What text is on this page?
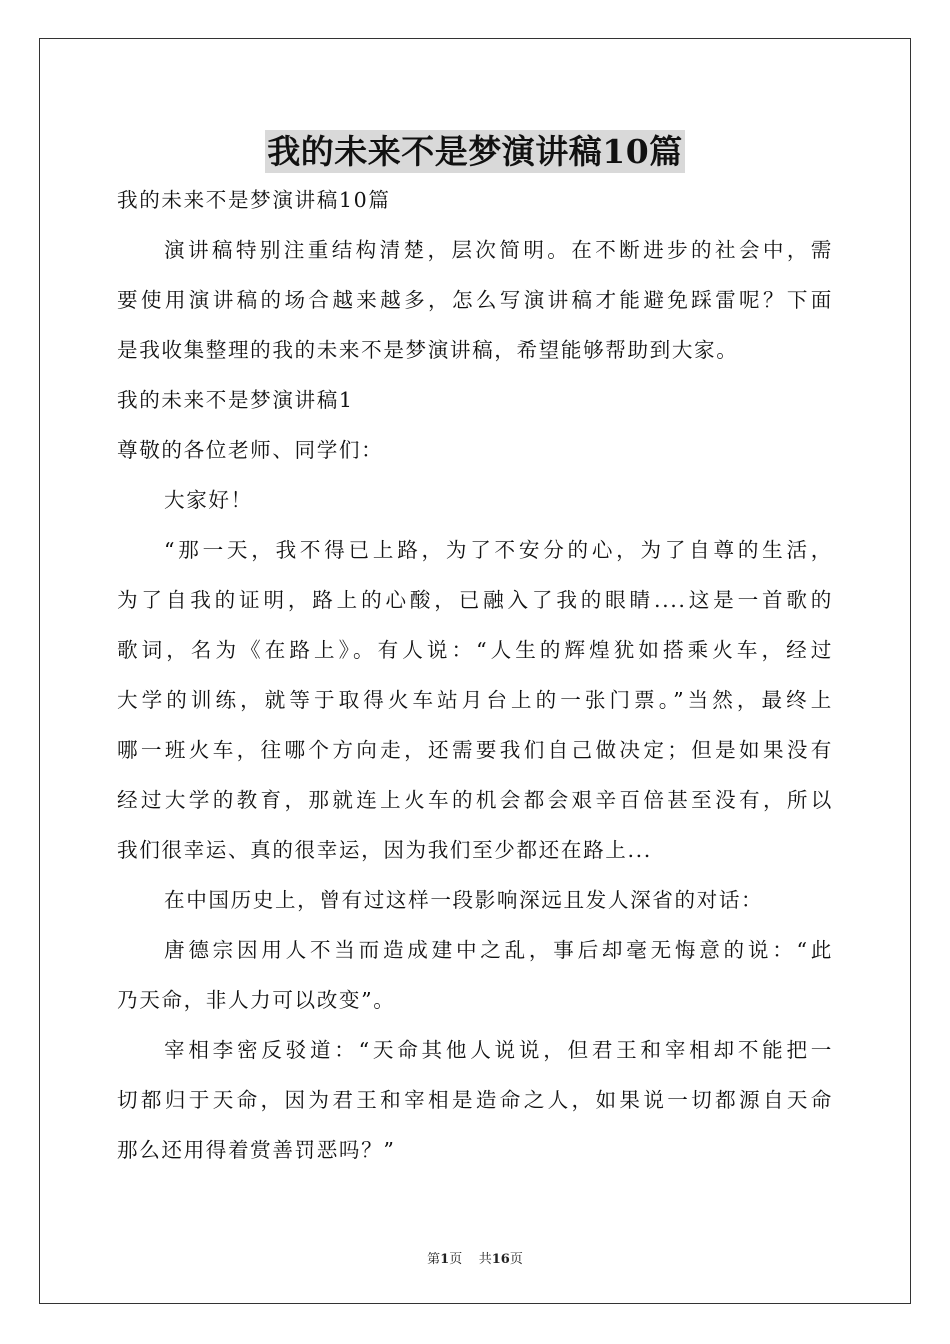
我的未来不是梦演讲稿10篇
我的未来不是梦演讲稿10篇
演讲稿特别注重结构清楚，层次简明。在不断进步的社会中，需
要使用演讲稿的场合越来越多，怎么写演讲稿才能避免踩雷呢？下面
是我收集整理的我的未来不是梦演讲稿，希望能够帮助到大家。
我的未来不是梦演讲稿1
尊敬的各位老师、同学们：
大家好！
“那一天，我不得已上路，为了不安分的心，为了自尊的生活，
为了自我的证明，路上的心酸，已融入了我的眼睛....这是一首歌的
歌词，名为《在路上》。有人说：“人生的辉煌犹如搭乘火车，经过
大学的训练，就等于取得火车站月台上的一张门票。”当然，最终上
哪一班火车，往哪个方向走，还需要我们自己做决定；但是如果没有
经过大学的教育，那就连上火车的机会都会艰辛百倍甚至没有，所以
我们很幸运、真的很幸运，因为我们至少都还在路上...
在中国历史上，曾有过这样一段影响深远且发人深省的对话：
唐德宗因用人不当而造成建中之乱，事后却毫无悔意的说：“此
乃天命，非人力可以改变”。
宰相李密反驳道：“天命其他人说说，但君王和宰相却不能把一
切都归于天命，因为君王和宰相是造命之人，如果说一切都源自天命
那么还用得着赏善罚恶吗？”
第1页 共16页
